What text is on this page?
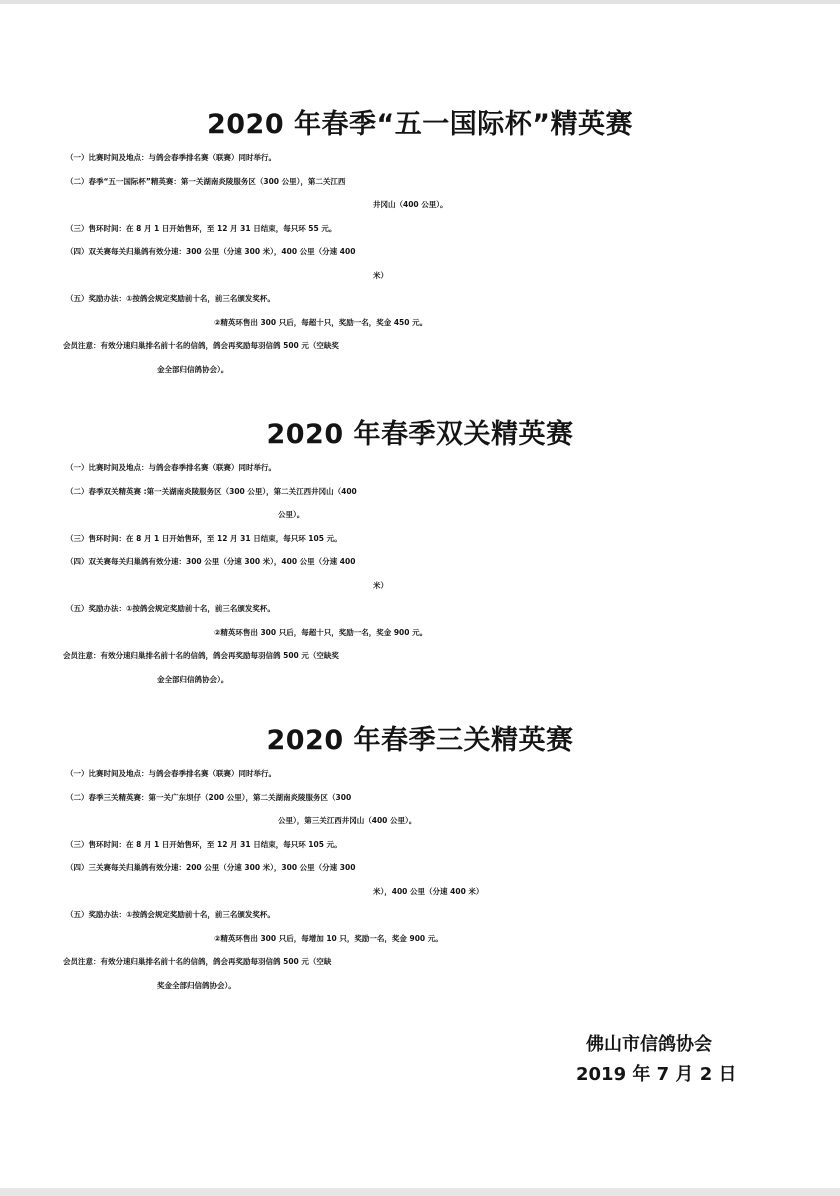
2020 年春季“五一国际杯”精英赛
（一）比赛时间及地点：与鸽会春季排名赛（联赛）同时举行。
（二）春季“五一国际杯”精英赛：第一关湖南炎陵服务区（300 公里），第二关江西
井冈山（400 公里）。
（三）售环时间：在 8 月 1 日开始售环，至 12 月 31 日结束，每只环 55 元。
（四）双关赛每关归巢鸽有效分速：300 公里（分速 300 米），400 公里（分速 400
米）
（五）奖励办法：①按鸽会规定奖励前十名，前三名颁发奖杯。
②精英环售出 300 只后，每超十只，奖励一名，奖金 450 元。
会员注意：有效分速归巢排名前十名的信鸽，鸽会再奖励每羽信鸽 500 元（空缺奖
金全部归信鸽协会）。
2020 年春季双关精英赛
（一）比赛时间及地点：与鸽会春季排名赛（联赛）同时举行。
（二）春季双关精英赛 :第一关湖南炎陵服务区（300 公里），第二关江西井冈山（400
公里）。
（三）售环时间：在 8 月 1 日开始售环，至 12 月 31 日结束，每只环 105 元。
（四）双关赛每关归巢鸽有效分速：300 公里（分速 300 米），400 公里（分速 400
米）
（五）奖励办法：①按鸽会规定奖励前十名，前三名颁发奖杯。
②精英环售出 300 只后，每超十只，奖励一名，奖金 900 元。
会员注意：有效分速归巢排名前十名的信鸽，鸽会再奖励每羽信鸽 500 元（空缺奖
金全部归信鸽协会）。
2020 年春季三关精英赛
（一）比赛时间及地点：与鸽会春季排名赛（联赛）同时举行。
（二）春季三关精英赛：第一关广东坝仔（200 公里），第二关湖南炎陵服务区（300
公里），第三关江西井冈山（400 公里）。
（三）售环时间：在 8 月 1 日开始售环，至 12 月 31 日结束，每只环 105 元。
（四）三关赛每关归巢鸽有效分速：200 公里（分速 300 米），300 公里（分速 300
米），400 公里（分速 400 米）
（五）奖励办法：①按鸽会规定奖励前十名，前三名颁发奖杯。
②精英环售出 300 只后，每增加 10 只，奖励一名，奖金 900 元。
会员注意：有效分速归巢排名前十名的信鸽，鸽会再奖励每羽信鸽 500 元（空缺
奖金全部归信鸽协会）。
佛山市信鸽协会
2019 年 7 月 2 日
